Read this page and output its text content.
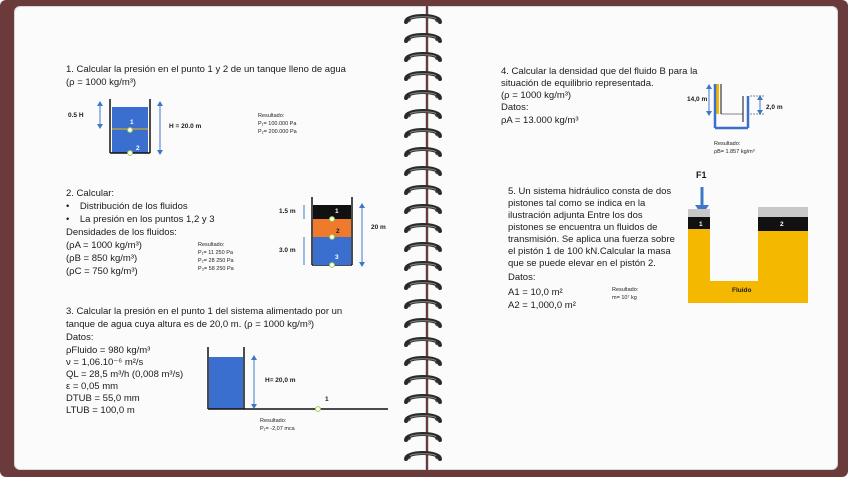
1. Calcular la presión en el punto 1 y 2 de un tanque lleno de agua
(ρ = 1000 kg/m³)
0.5 H
H = 20.0 m
1
2
Resultado:
P₁= 100.000 Pa
P₂= 200.000 Pa
2. Calcular:
•    Distribución de los fluidos
•    La presión en los puntos 1,2 y 3
Densidades de los fluidos:
(ρA = 1000 kg/m³)
(ρB = 850 kg/m³)
(ρC = 750 kg/m³)
Resultado:
P₁= 11 250 Pa
P₂= 28 250 Pa
P₃= 58 250 Pa
1.5 m
3.0 m
20 m
1
2
3
3. Calcular la presión en el punto 1 del sistema alimentado por un
tanque de agua cuya altura es de 20,0 m. (ρ = 1000 kg/m³)
Datos:
ρFluido = 980 kg/m³
ν = 1,06.10⁻⁶ m²/s
QL = 28,5 m³/h (0,008 m³/s)
ε = 0,05 mm
DTUB = 55,0 mm
LTUB = 100,0 m
H= 20,0 m
1
Resultado:
P₁= -2,07 mca
4. Calcular la densidad que del fluido B para la
situación de equilibrio representada.
(ρ = 1000 kg/m³)
Datos:
ρA = 13.000 kg/m³
14,0 m
2,0 m
Resultado:
ρB= 1.857 kg/m³
5. Un sistema hidráulico consta de dos
pistones tal como se indica en la
ilustración adjunta Entre los dos
pistones se encuentra un fluidos de
transmisión. Se aplica una fuerza sobre
el pistón 1 de 100 kN.Calcular la masa
que se puede elevar en el pistón 2.
Datos:
A1 = 10,0 m²
A2 = 1,000,0 m²
Resultado:
m= 10⁷ kg
F1
1	2
Fluido
